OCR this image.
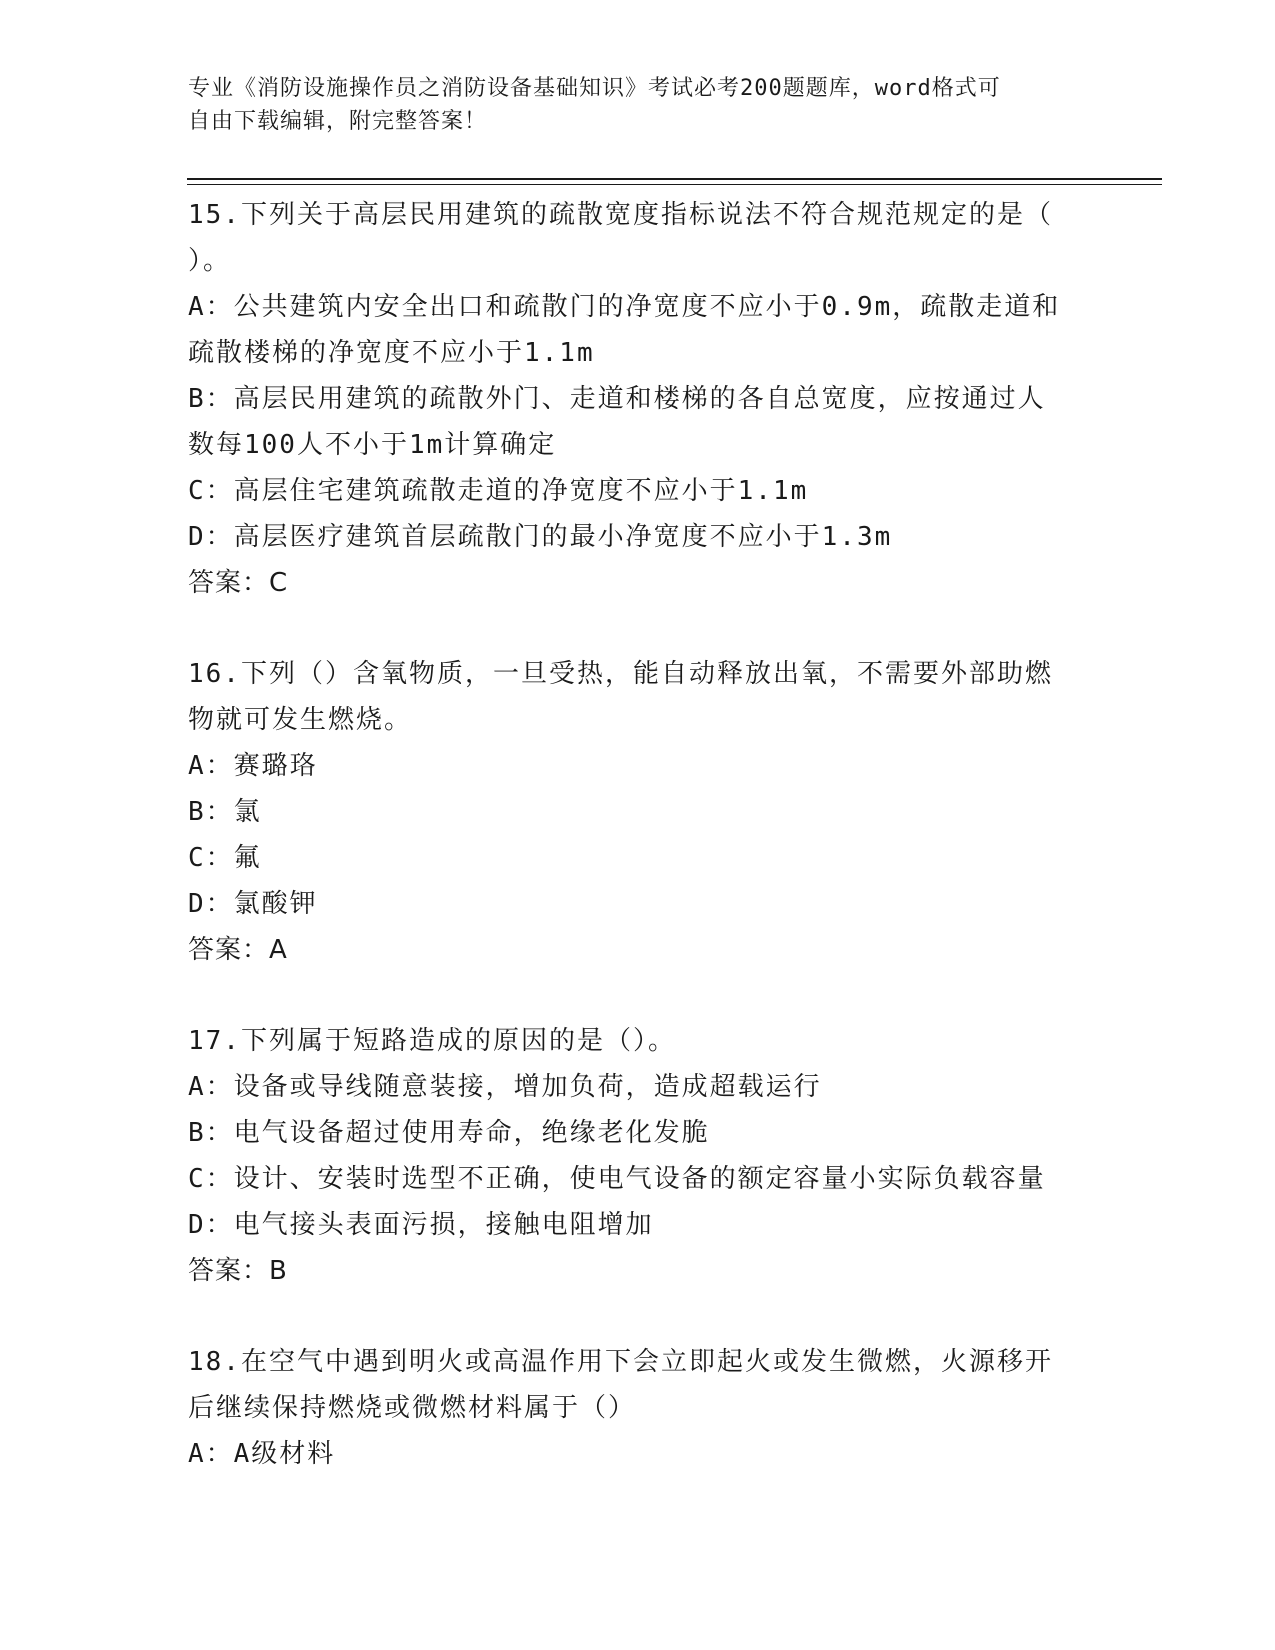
专业《消防设施操作员之消防设备基础知识》考试必考200题题库，word格式可
自由下载编辑，附完整答案！
15.下列关于高层民用建筑的疏散宽度指标说法不符合规范规定的是（
）。
A：公共建筑内安全出口和疏散门的净宽度不应小于0.9m，疏散走道和
疏散楼梯的净宽度不应小于1.1m
B：高层民用建筑的疏散外门、走道和楼梯的各自总宽度，应按通过人
数每100人不小于1m计算确定
C：高层住宅建筑疏散走道的净宽度不应小于1.1m
D：高层医疗建筑首层疏散门的最小净宽度不应小于1.3m
答案：C
16.下列（）含氧物质，一旦受热，能自动释放出氧，不需要外部助燃
物就可发生燃烧。
A：赛璐珞
B：氯
C：氟
D：氯酸钾
答案：A
17.下列属于短路造成的原因的是（）。
A：设备或导线随意装接，增加负荷，造成超载运行
B：电气设备超过使用寿命，绝缘老化发脆
C：设计、安装时选型不正确，使电气设备的额定容量小实际负载容量
D：电气接头表面污损，接触电阻增加
答案：B
18.在空气中遇到明火或高温作用下会立即起火或发生微燃，火源移开
后继续保持燃烧或微燃材料属于（）
A：A级材料
